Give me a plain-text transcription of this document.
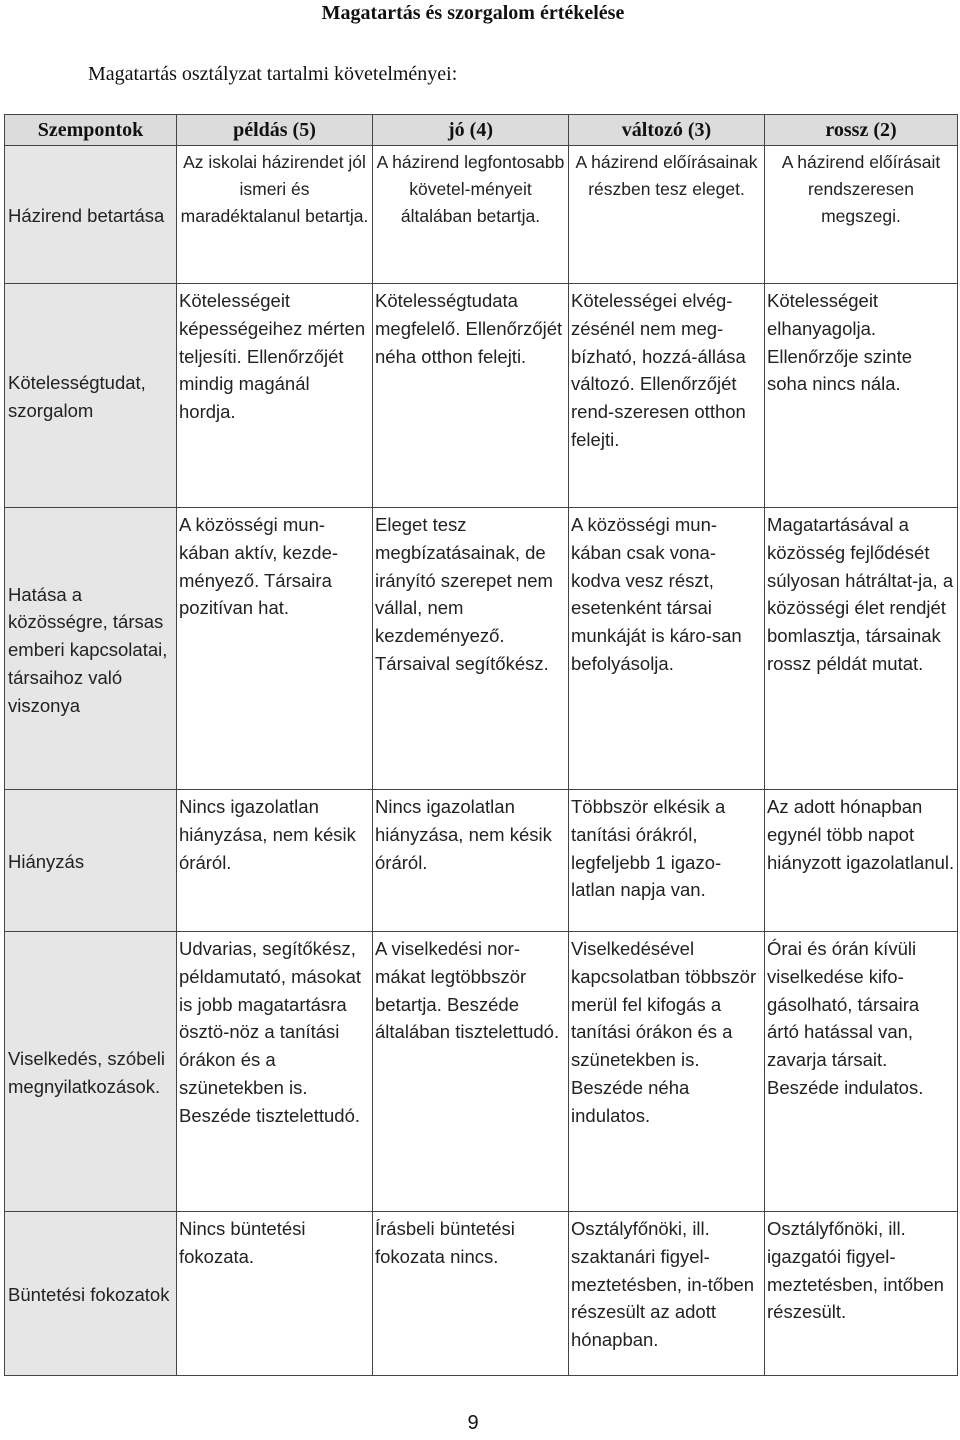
Magatartás és szorgalom értékelése
Magatartás osztályzat tartalmi követelményei:
Szempontok	példás (5)	jó (4)	változó (3)	rossz (2)
Házirend betartása	Az iskolai házirendet jól ismeri és maradéktalanul betartja.	A házirend legfontosabb követel-ményeit általában betartja.	A házirend előírásainak részben tesz eleget.	A házirend előírásait rendszeresen megszegi.
Kötelességtudat, szorgalom	Kötelességeit képességeihez mérten teljesíti. Ellenőrzőjét mindig magánál hordja.	Kötelességtudata megfelelő. Ellenőrzőjét néha otthon felejti.	Kötelességei elvég-zésénél nem meg-bízható, hozzá-állása változó. Ellenőrzőjét rend-szeresen otthon felejti.	Kötelességeit elhanyagolja. Ellenőrzője szinte soha nincs nála.
Hatása a közösségre, társas emberi kapcsolatai, társaihoz való viszonya	A közösségi mun-kában aktív, kezde-ményező. Társaira pozitívan hat.	Eleget tesz megbízatásainak, de irányító szerepet nem vállal, nem kezdeményező. Társaival segítőkész.	A közösségi mun-kában csak vona-kodva vesz részt, esetenként társai munkáját is káro-san befolyásolja.	Magatartásával a közösség fejlődését súlyosan hátráltat-ja, a közösségi élet rendjét bomlasztja, társainak rossz példát mutat.
Hiányzás	Nincs igazolatlan hiányzása, nem késik óráról.	Nincs igazolatlan hiányzása, nem késik óráról.	Többször elkésik a tanítási órákról, legfeljebb 1 igazo-latlan napja van.	Az adott hónapban egynél több napot hiányzott igazolatlanul.
Viselkedés, szóbeli megnyilatkozások.	Udvarias, segítőkész, példamutató, másokat is jobb magatartásra ösztö-nöz a tanítási órákon és a szünetekben is. Beszéde tisztelettudó.	A viselkedési nor-mákat legtöbbször betartja. Beszéde általában tisztelettudó.	Viselkedésével kapcsolatban többször merül fel kifogás a tanítási órákon és a szünetekben is. Beszéde néha indulatos.	Órai és órán kívüli viselkedése kifo-gásolható, társaira ártó hatással van, zavarja társait. Beszéde indulatos.
Büntetési fokozatok	Nincs büntetési fokozata.	Írásbeli büntetési fokozata nincs.	Osztályfőnöki, ill. szaktanári figyel-meztetésben, in-tőben részesült az adott hónapban.	Osztályfőnöki, ill. igazgatói figyel-meztetésben, intőben részesült.
9
